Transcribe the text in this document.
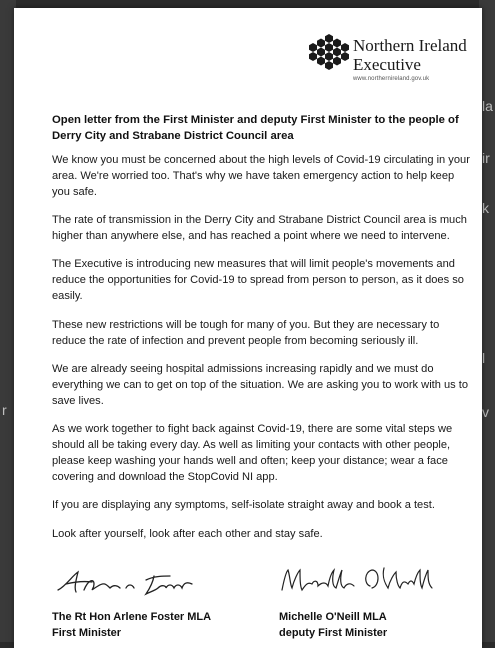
r
la
ir
k
l
v
Northern Ireland Executive
www.northernireland.gov.uk
Open letter from the First Minister and deputy First Minister to the people of Derry City and Strabane District Council area
We know you must be concerned about the high levels of Covid-19 circulating in your area. We're worried too. That's why we have taken emergency action to help keep you safe.
The rate of transmission in the Derry City and Strabane District Council area is much higher than anywhere else, and has reached a point where we need to intervene.
The Executive is introducing new measures that will limit people's movements and reduce the opportunities for Covid-19 to spread from person to person, as it does so easily.
These new restrictions will be tough for many of you. But they are necessary to reduce the rate of infection and prevent people from becoming seriously ill.
We are already seeing hospital admissions increasing rapidly and we must do everything we can to get on top of the situation. We are asking you to work with us to save lives.
As we work together to fight back against Covid-19, there are some vital steps we should all be taking every day. As well as limiting your contacts with other people, please keep washing your hands well and often; keep your distance; wear a face covering and download the StopCovid NI app.
If you are displaying any symptoms, self-isolate straight away and book a test.
Look after yourself, look after each other and stay safe.
The Rt Hon Arlene Foster MLA
First Minister
Michelle O'Neill MLA
deputy First Minister
